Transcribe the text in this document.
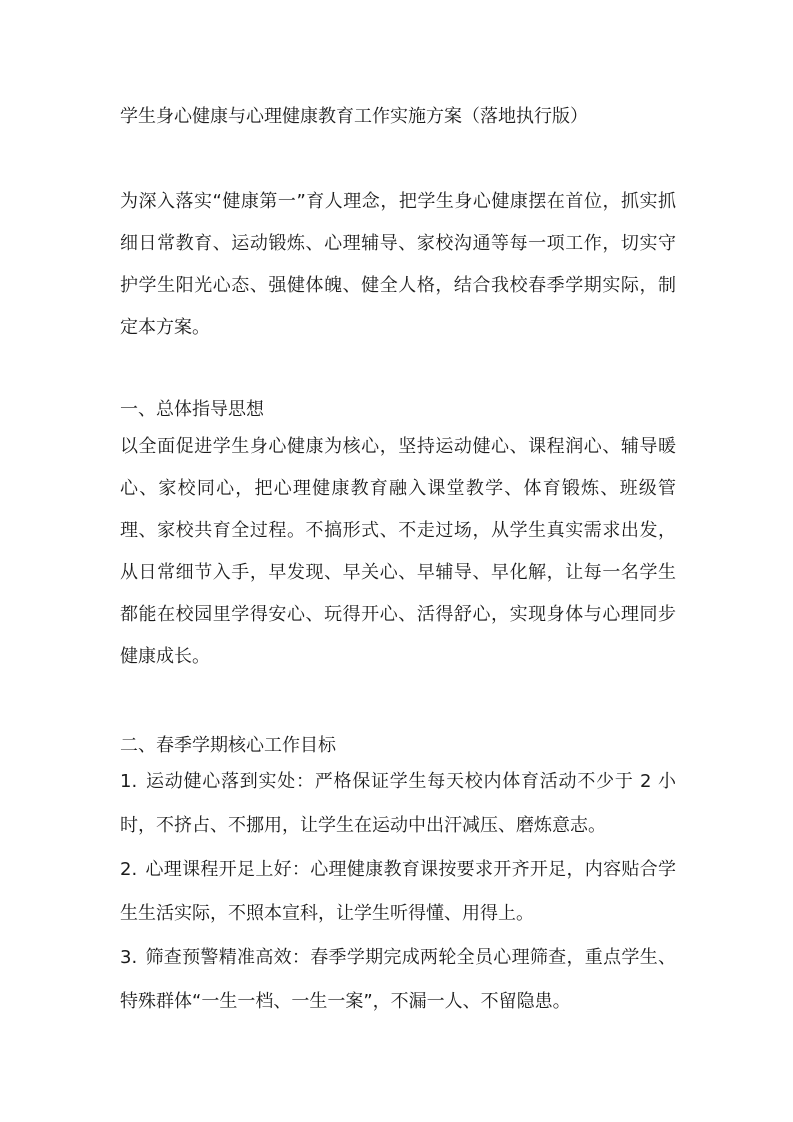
学生身心健康与心理健康教育工作实施方案（落地执行版）

为深入落实“健康第一”育人理念，把学生身心健康摆在首位，抓实抓细日常教育、运动锻炼、心理辅导、家校沟通等每一项工作，切实守护学生阳光心态、强健体魄、健全人格，结合我校春季学期实际，制定本方案。

一、总体指导思想

以全面促进学生身心健康为核心，坚持运动健心、课程润心、辅导暖心、家校同心，把心理健康教育融入课堂教学、体育锻炼、班级管理、家校共育全过程。不搞形式、不走过场，从学生真实需求出发，从日常细节入手，早发现、早关心、早辅导、早化解，让每一名学生都能在校园里学得安心、玩得开心、活得舒心，实现身体与心理同步健康成长。

二、春季学期核心工作目标
1. 运动健心落到实处：严格保证学生每天校内体育活动不少于 2 小时，不挤占、不挪用，让学生在运动中出汗减压、磨炼意志。
2. 心理课程开足上好：心理健康教育课按要求开齐开足，内容贴合学生生活实际，不照本宣科，让学生听得懂、用得上。
3. 筛查预警精准高效：春季学期完成两轮全员心理筛查，重点学生、特殊群体“一生一档、一生一案”，不漏一人、不留隐患。
